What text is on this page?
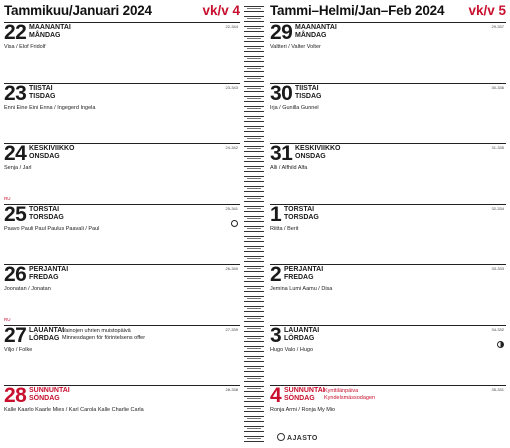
Tammikuu/Januari 2024	vk/v 4
22 MAANANTAI
MÅNDAG
22-344
Visa / Elof Fridolf
23 TIISTAI
TISDAG
23-343
Enni Eine Eini Enna / Ingegerd Ingela
24 KESKIVIIKKO
ONSDAG
24-342
Senja / Jarl
RU
25 TORSTAI
TORSDAG
25-341
Paavo Pauli Paul Paulus Paavali / Paul
26 PERJANTAI
FREDAG
26-340
Joonatan / Jonatan
RU
27 LAUANTAI
LÖRDAG
Vainojen uhrien muistopäivä
Minnesdagen för förintelsens offer
27-339
Viljo / Folke
28 SUNNUNTAI
SÖNDAG
28-338
Kalle Kaarlo Kaarle Mies / Karl Carola Kalle Charlie Carla
Tammi–Helmi/Jan–Feb 2024 vk/v 5
29 MAANANTAI
MÅNDAG
29-337
Valtteri / Valter Volter
30 TIISTAI
TISDAG
30-336
Irja / Gunilla Gunnel
31 KESKIVIIKKO
ONSDAG
31-335
Alli / Alfhild Alfa
1 TORSTAI
TORSDAG
32-334
Riitta / Berit
2 PERJANTAI
FREDAG
33-333
Jemina Lumi Aamu / Disa
3 LAUANTAI
LÖRDAG
34-332
Hugo Valo / Hugo
4 SUNNUNTAI
SÖNDAG
Kynttilänpäiva
Kyndelsmässodagen
35-331
Ronja Armi / Ronja My Mio
AJASTO
